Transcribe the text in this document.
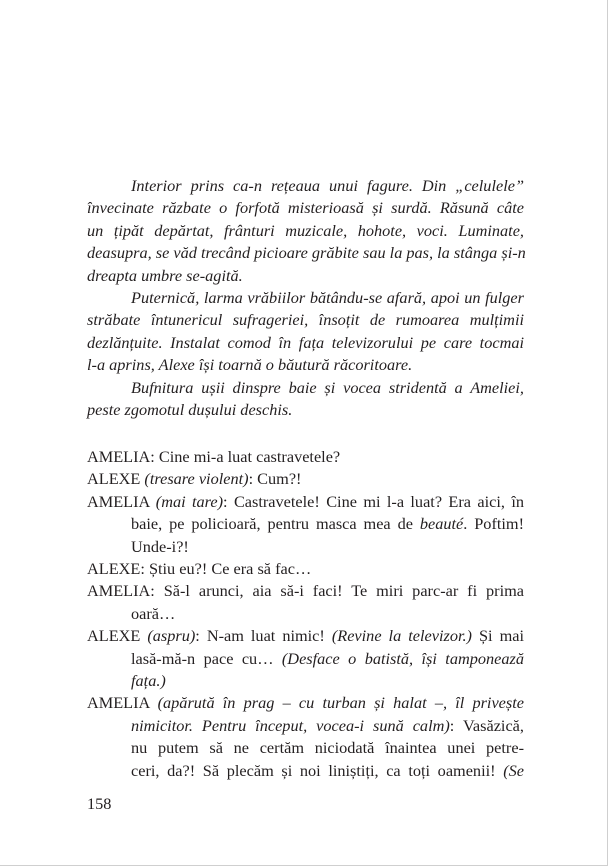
Interior prins ca-n rețeaua unui fagure. Din „celulele”
învecinate răzbate o forfotă misterioasă și surdă. Răsună câte
un țipăt depărtat, frânturi muzicale, hohote, voci. Luminate,
deasupra, se văd trecând picioare grăbite sau la pas, la stânga și-n
dreapta umbre se-agită.
Puternică, larma vrăbiilor bătându-se afară, apoi un fulger
străbate întunericul sufrageriei, însoțit de rumoarea mulțimii
dezlănțuite. Instalat comod în fața televizorului pe care tocmai
l-a aprins, Alexe își toarnă o băutură răcoritoare.
Bufnitura ușii dinspre baie și vocea stridentă a Ameliei,
peste zgomotul dușului deschis.
AMELIA: Cine mi-a luat castravetele?
ALEXE (tresare violent): Cum?!
AMELIA (mai tare): Castravetele! Cine mi l-a luat? Era aici, în
baie, pe policioară, pentru masca mea de beauté. Poftim!
Unde-i?!
ALEXE: Știu eu?! Ce era să fac…
AMELIA: Să-l arunci, aia să-i faci! Te miri parc-ar fi prima
oară…
ALEXE (aspru): N-am luat nimic! (Revine la televizor.) Și mai
lasă-mă-n pace cu… (Desface o batistă, își tamponează
fața.)
AMELIA (apărută în prag – cu turban și halat –, îl privește
nimicitor. Pentru început, vocea-i sună calm): Vasăzică,
nu putem să ne certăm niciodată înaintea unei petre-
ceri, da?! Să plecăm și noi liniștiți, ca toți oamenii! (Se
158
